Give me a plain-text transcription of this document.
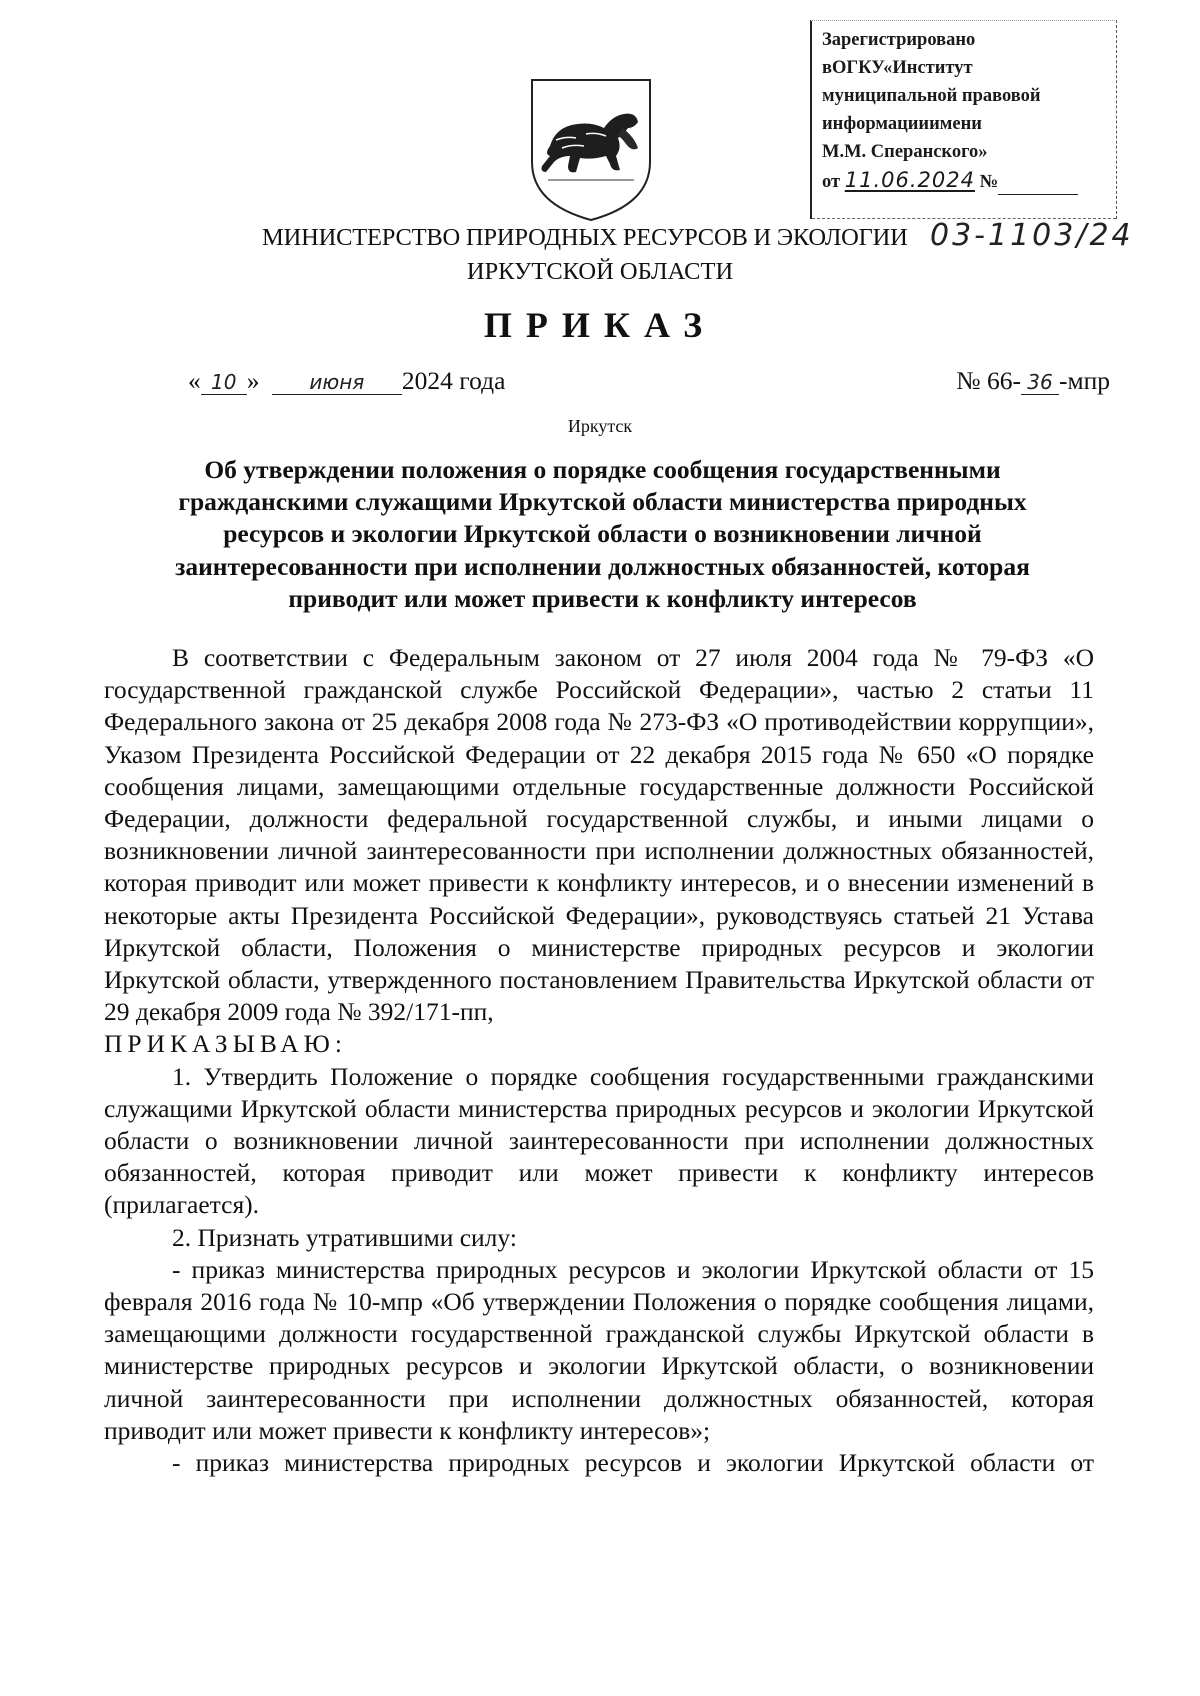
Зарегистрировано
вОГКУ«Институт
муниципальной правовой
информацииимени
М.М. Сперанского»
от 11.06.2024 №
МИНИСТЕРСТВО ПРИРОДНЫХ РЕСУРСОВ И ЭКОЛОГИИ 03-1103/24
ИРКУТСКОЙ ОБЛАСТИ
ПРИКАЗ
« 10 » июня 2024 года	№ 66- 36 -мпр
Иркутск
Об утверждении положения о порядке сообщения государственными гражданскими служащими Иркутской области министерства природных ресурсов и экологии Иркутской области о возникновении личной заинтересованности при исполнении должностных обязанностей, которая приводит или может привести к конфликту интересов

В соответствии с Федеральным законом от 27 июля 2004 года № 79-ФЗ «О государственной гражданской службе Российской Федерации», частью 2 статьи 11 Федерального закона от 25 декабря 2008 года № 273-ФЗ «О противодействии коррупции», Указом Президента Российской Федерации от 22 декабря 2015 года № 650 «О порядке сообщения лицами, замещающими отдельные государственные должности Российской Федерации, должности федеральной государственной службы, и иными лицами о возникновении личной заинтересованности при исполнении должностных обязанностей, которая приводит или может привести к конфликту интересов, и о внесении изменений в некоторые акты Президента Российской Федерации», руководствуясь статьей 21 Устава Иркутской области, Положения о министерстве природных ресурсов и экологии Иркутской области, утвержденного постановлением Правительства Иркутской области от 29 декабря 2009 года № 392/171-пп,

ПРИКАЗЫВАЮ:

1. Утвердить Положение о порядке сообщения государственными гражданскими служащими Иркутской области министерства природных ресурсов и экологии Иркутской области о возникновении личной заинтересованности при исполнении должностных обязанностей, которая приводит или может привести к конфликту интересов (прилагается).

2. Признать утратившими силу:

- приказ министерства природных ресурсов и экологии Иркутской области от 15 февраля 2016 года № 10-мпр «Об утверждении Положения о порядке сообщения лицами, замещающими должности государственной гражданской службы Иркутской области в министерстве природных ресурсов и экологии Иркутской области, о возникновении личной заинтересованности при исполнении должностных обязанностей, которая приводит или может привести к конфликту интересов»;

- приказ министерства природных ресурсов и экологии Иркутской области от
